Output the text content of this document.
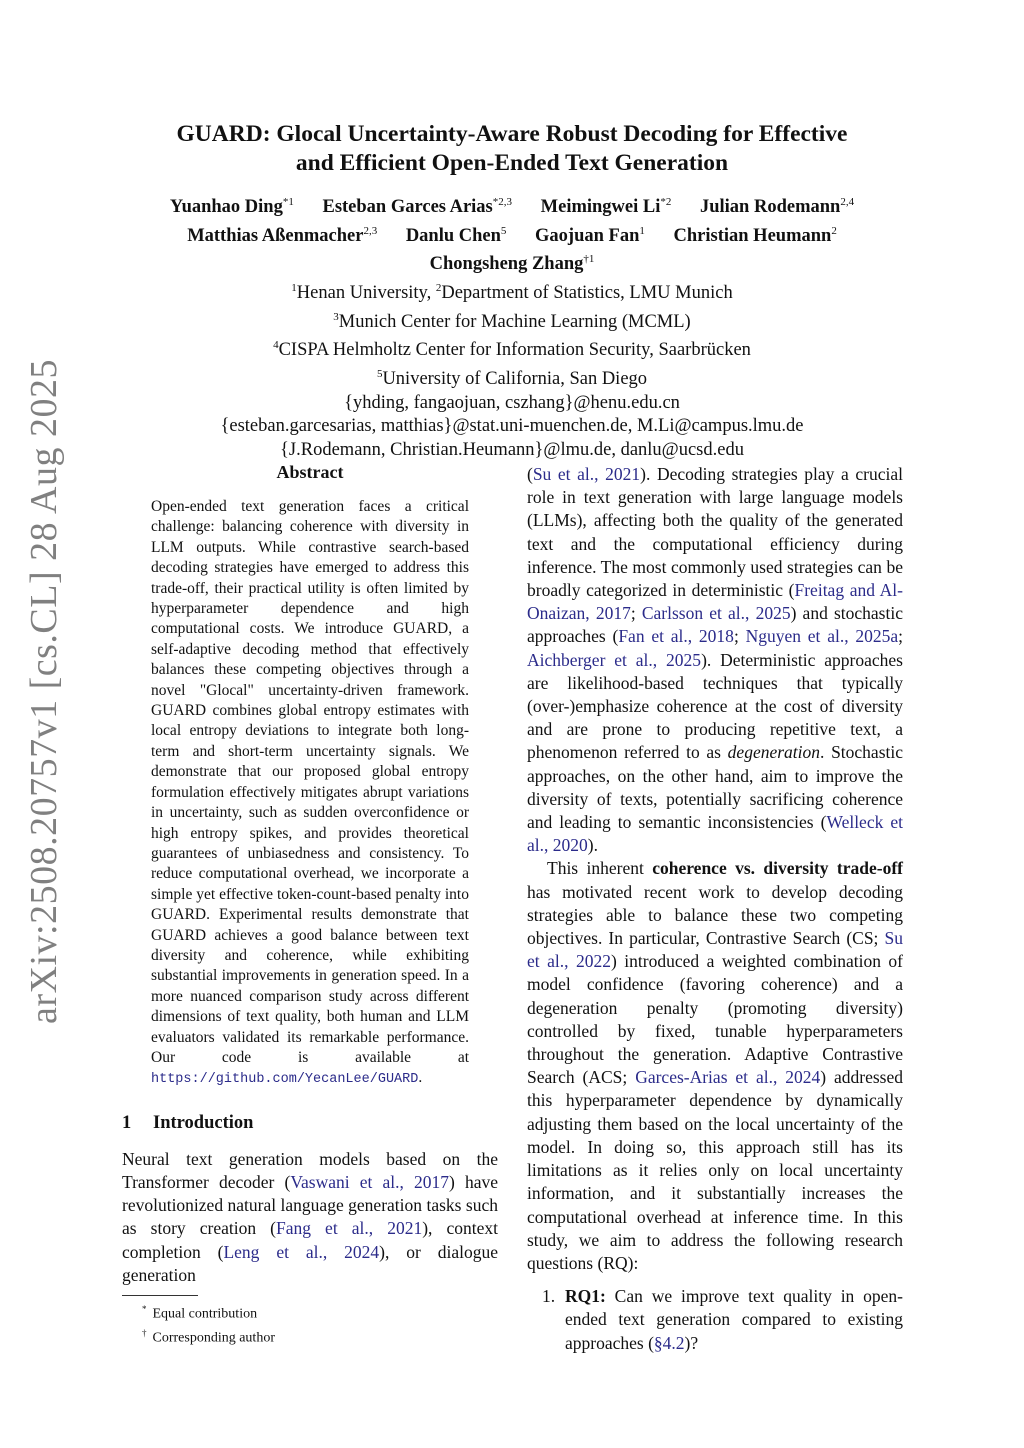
arXiv:2508.20757v1 [cs.CL] 28 Aug 2025
GUARD: Glocal Uncertainty-Aware Robust Decoding for Effective
and Efficient Open-Ended Text Generation
Yuanhao Ding$^{*1}$ Esteban Garces Arias$^{*2,3}$ Meimingwei Li$^{*2}$ Julian Rodemann$^{2,4}$
Matthias Aßenmacher$^{2,3}$ Danlu Chen$^5$ Gaojuan Fan$^1$ Christian Heumann$^2$
Chongsheng Zhang$^{\dagger 1}$
$^1$Henan University, $^2$Department of Statistics, LMU Munich
$^3$Munich Center for Machine Learning (MCML)
$^4$CISPA Helmholtz Center for Information Security, Saarbrücken
$^5$University of California, San Diego
{yhding, fangaojuan, cszhang}@henu.edu.cn
{esteban.garcesarias, matthias}@stat.uni-muenchen.de, M.Li@campus.lmu.de
{J.Rodemann, Christian.Heumann}@lmu.de, danlu@ucsd.edu
Abstract
Open-ended text generation faces a critical challenge: balancing coherence with diversity in LLM outputs. While contrastive search-based decoding strategies have emerged to address this trade-off, their practical utility is often limited by hyperparameter dependence and high computational costs. We introduce GUARD, a self-adaptive decoding method that effectively balances these competing objectives through a novel "Glocal" uncertainty-driven framework. GUARD combines global entropy estimates with local entropy deviations to integrate both long-term and short-term uncertainty signals. We demonstrate that our proposed global entropy formulation effectively mitigates abrupt variations in uncertainty, such as sudden overconfidence or high entropy spikes, and provides theoretical guarantees of unbiasedness and consistency. To reduce computational overhead, we incorporate a simple yet effective token-count-based penalty into GUARD. Experimental results demonstrate that GUARD achieves a good balance between text diversity and coherence, while exhibiting substantial improvements in generation speed. In a more nuanced comparison study across different dimensions of text quality, both human and LLM evaluators validated its remarkable performance. Our code is available at https://github.com/YecanLee/GUARD.
1 Introduction

Neural text generation models based on the Transformer decoder (Vaswani et al., 2017) have revolutionized natural language generation tasks such as story creation (Fang et al., 2021), context completion (Leng et al., 2024), or dialogue generation

* Equal contribution
† Corresponding author

(Su et al., 2021). Decoding strategies play a crucial role in text generation with large language models (LLMs), affecting both the quality of the generated text and the computational efficiency during inference. The most commonly used strategies can be broadly categorized in deterministic (Freitag and Al-Onaizan, 2017; Carlsson et al., 2025) and stochastic approaches (Fan et al., 2018; Nguyen et al., 2025a; Aichberger et al., 2025). Deterministic approaches are likelihood-based techniques that typically (over-)emphasize coherence at the cost of diversity and are prone to producing repetitive text, a phenomenon referred to as degeneration. Stochastic approaches, on the other hand, aim to improve the diversity of texts, potentially sacrificing coherence and leading to semantic inconsistencies (Welleck et al., 2020).

This inherent coherence vs. diversity trade-off has motivated recent work to develop decoding strategies able to balance these two competing objectives. In particular, Contrastive Search (CS; Su et al., 2022) introduced a weighted combination of model confidence (favoring coherence) and a degeneration penalty (promoting diversity) controlled by fixed, tunable hyperparameters throughout the generation. Adaptive Contrastive Search (ACS; Garces-Arias et al., 2024) addressed this hyperparameter dependence by dynamically adjusting them based on the local uncertainty of the model. In doing so, this approach still has its limitations as it relies only on local uncertainty information, and it substantially increases the computational overhead at inference time. In this study, we aim to address the following research questions (RQ):

1. RQ1: Can we improve text quality in open-ended text generation compared to existing approaches (§4.2)?
